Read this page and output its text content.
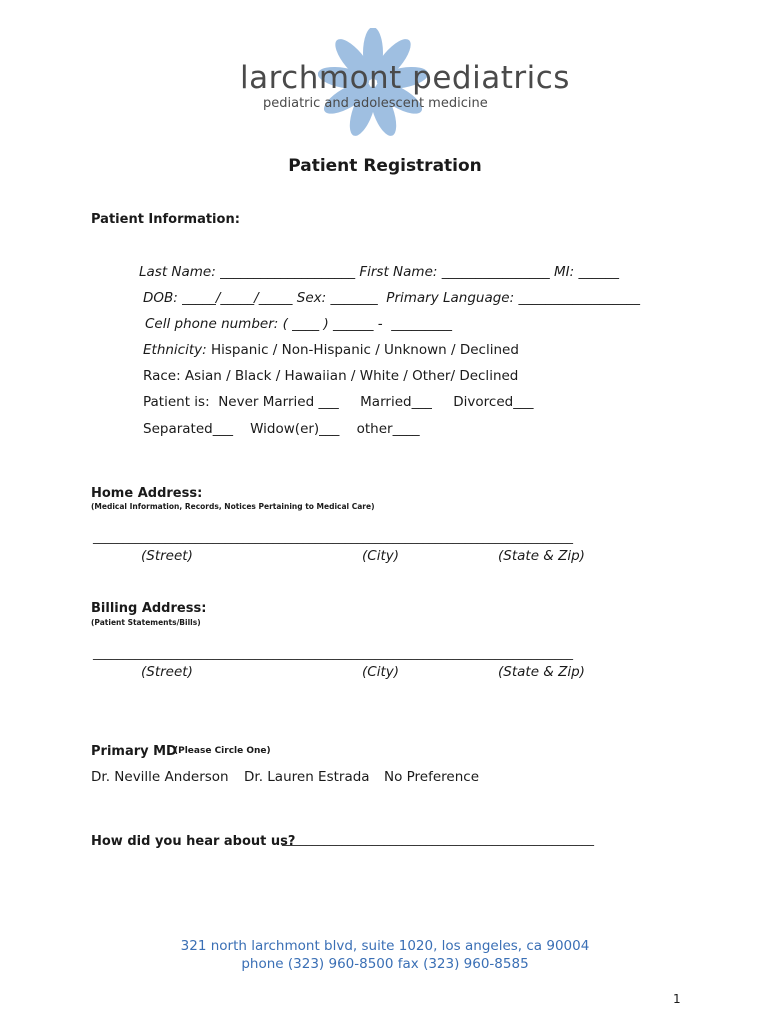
larchmont pediatrics
pediatric and adolescent medicine
Patient Registration
Patient Information:
Last Name: ____________________ First Name: ________________ MI: ______
DOB: _____/_____/_____ Sex: _______  Primary Language: __________________
Cell phone number: ( ____ ) ______ -  _________
Ethnicity: Hispanic / Non-Hispanic / Unknown / Declined
Race: Asian / Black / Hawaiian / White / Other/ Declined
Patient is:  Never Married ___     Married___     Divorced___
Separated___    Widow(er)___    other____
Home Address:
(Medical Information, Records, Notices Pertaining to Medical Care)
________________________________________________________________________________
(Street)	(City)	(State & Zip)
Billing Address:
(Patient Statements/Bills)
________________________________________________________________________________
(Street)	(City)	(State & Zip)
Primary MD
(Please Circle One)
Dr. Neville Anderson Dr. Lauren Estrada No Preference
How did you hear about us?
____________________________________________________
321 north larchmont blvd, suite 1020, los angeles, ca 90004
phone (323) 960-8500 fax (323) 960-8585
1
